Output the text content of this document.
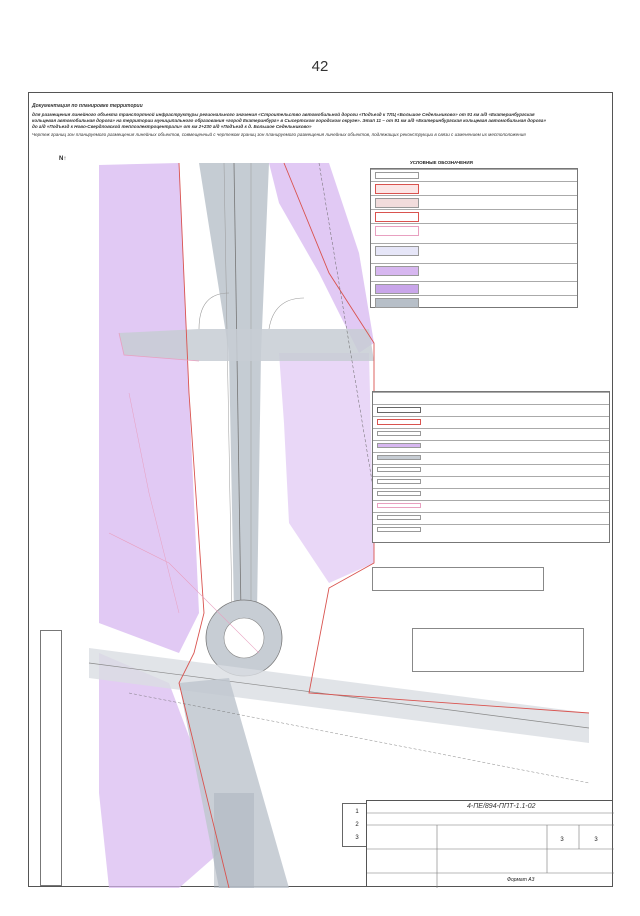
42
N↑
Документация по планировке территории
для размещения линейного объекта транспортной инфраструктуры регионального значения «Строительство автомобильной дороги «Подъезд к ТЛЦ «Большое Седельниково» от 91 км а/д «Екатеринбургская кольцевая автомобильная дорога» на территории муниципального образования «город Екатеринбург» в Сысертском городском округе». Этап 11 – от 91 км а/д «Екатеринбургская кольцевая автомобильная дорога» до а/д «Подъезд к Ново-Свердловской теплоэлектроцентрали» от км 2+230 а/д «Подъезд к д. Большое Седельниково»
Чертеж границ зон планируемого размещения линейных объектов, совмещенный с чертежом границ зон планируемого размещения линейных объектов, подлежащих реконструкции в связи с изменением их местоположения
УСЛОВНЫЕ ОБОЗНАЧЕНИЯ
1
2
3
4-ПЕ/894-ППТ-1.1-02
3	3
Формат А3
